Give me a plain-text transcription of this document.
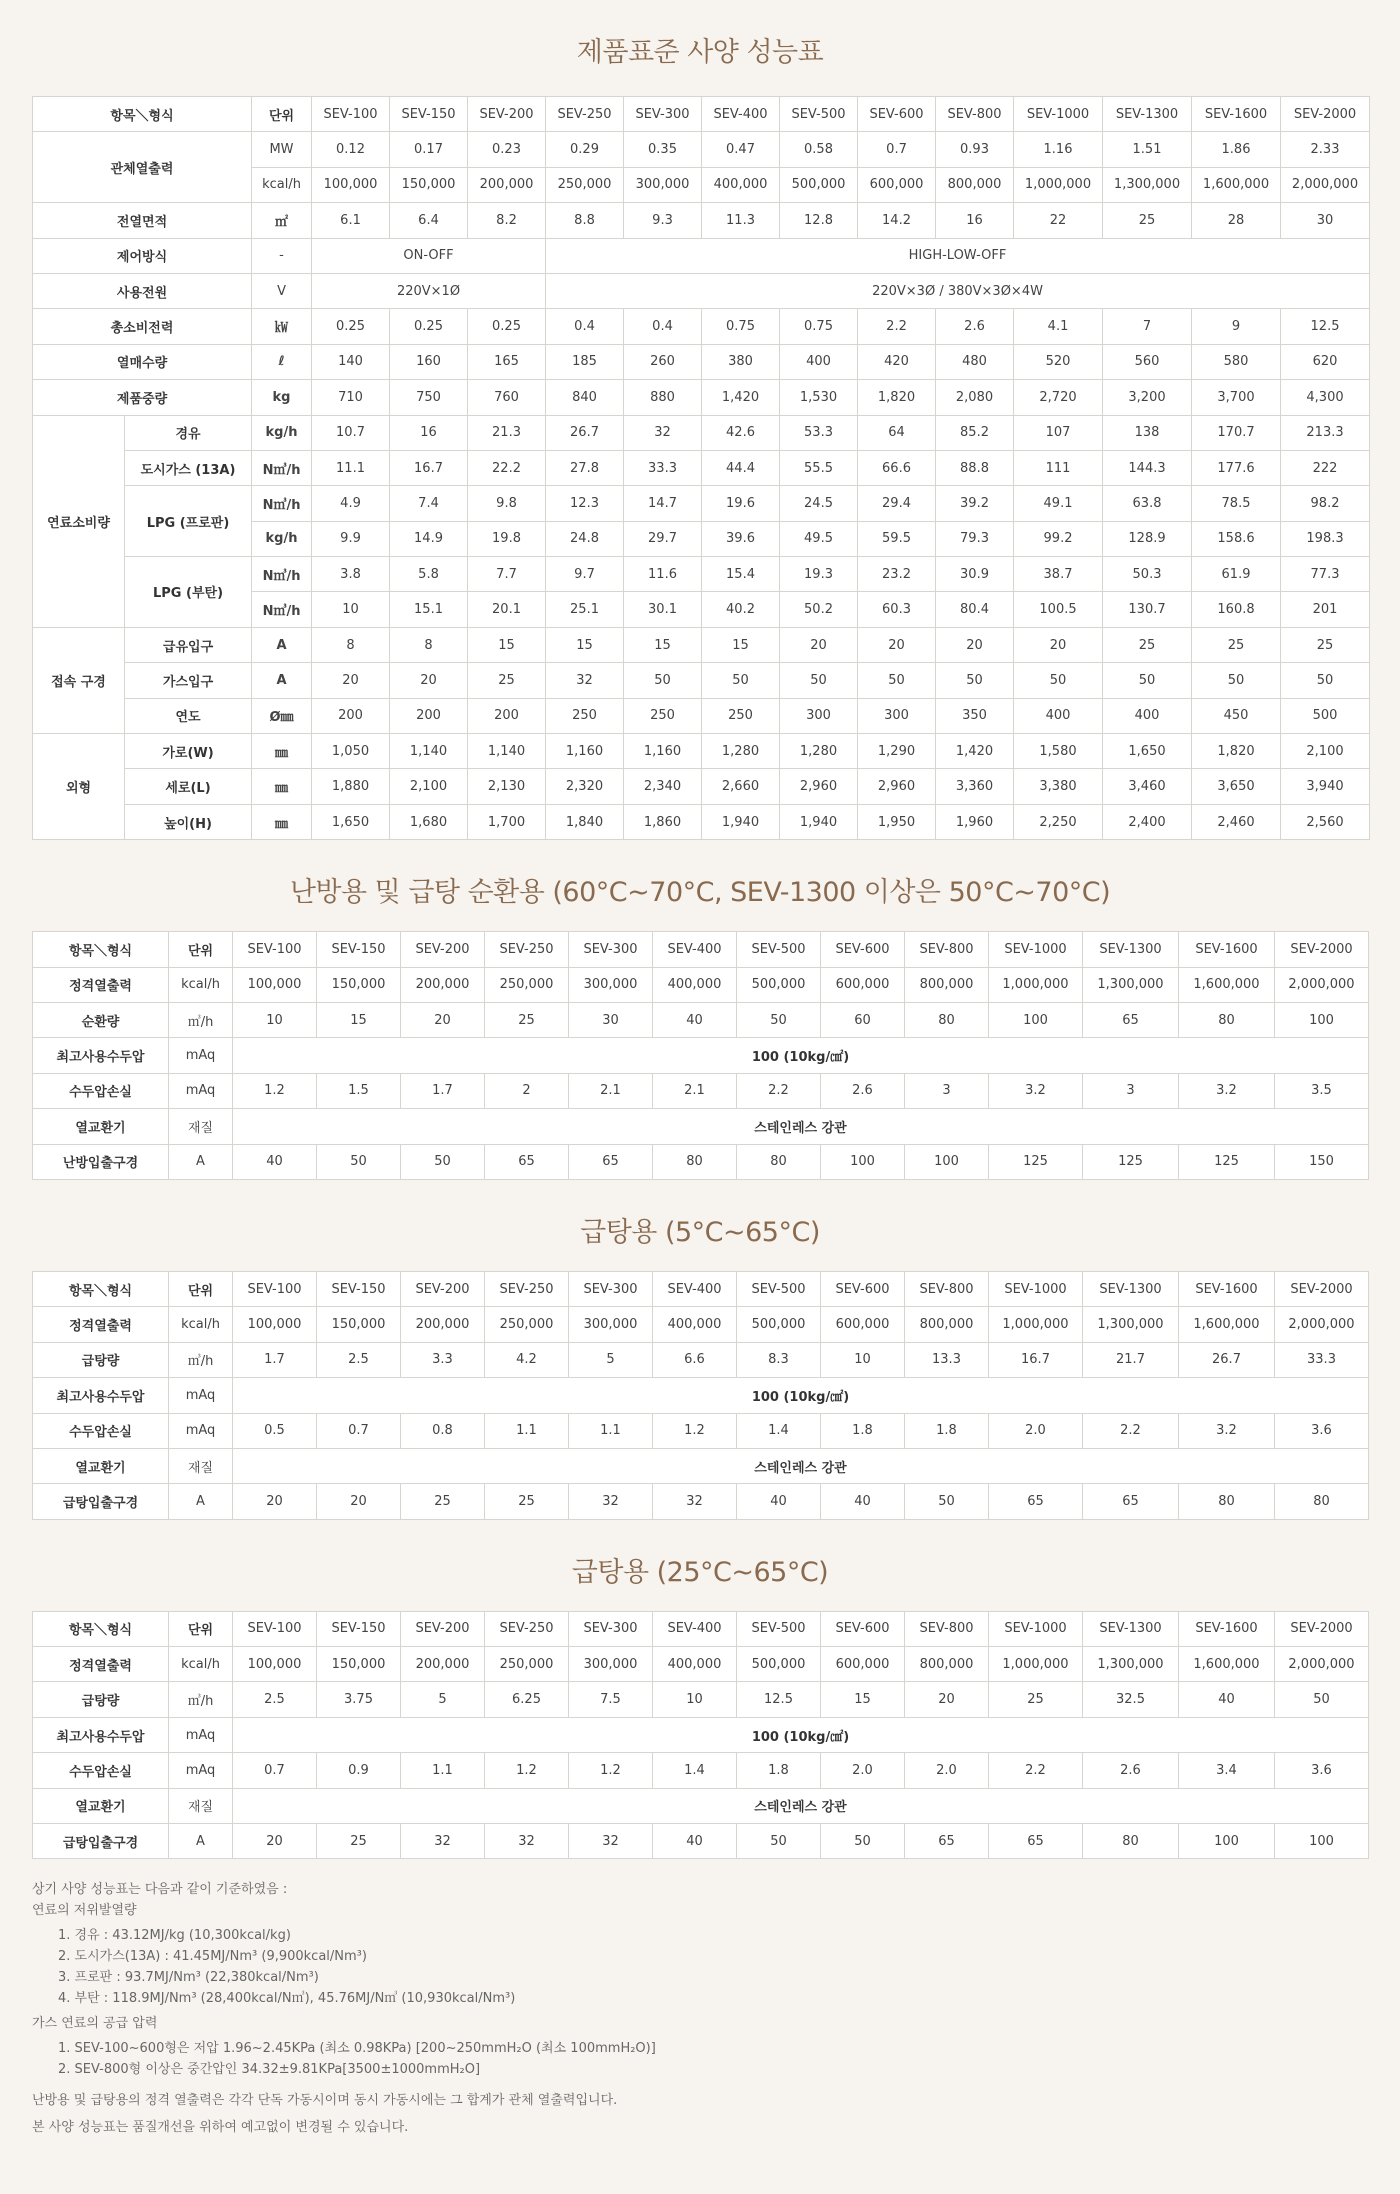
제품표준 사양 성능표
항목＼형식		단위	SEV-100	SEV-150	SEV-200	SEV-250	SEV-300	SEV-400	SEV-500	SEV-600	SEV-800	SEV-1000	SEV-1300	SEV-1600	SEV-2000
관체열출력		MW	0.12	0.17	0.23	0.29	0.35	0.47	0.58	0.7	0.93	1.16	1.51	1.86	2.33
		kcal/h	100,000	150,000	200,000	250,000	300,000	400,000	500,000	600,000	800,000	1,000,000	1,300,000	1,600,000	2,000,000
전열면적		㎡	6.1	6.4	8.2	8.8	9.3	11.3	12.8	14.2	16	22	25	28	30
제어방식		-	ON-OFF			HIGH-LOW-OFF									
사용전원		V	220V×1Ø			220V×3Ø / 380V×3Ø×4W									
총소비전력		㎾	0.25	0.25	0.25	0.4	0.4	0.75	0.75	2.2	2.6	4.1	7	9	12.5
열매수량		ℓ	140	160	165	185	260	380	400	420	480	520	560	580	620
제품중량		kg	710	750	760	840	880	1,420	1,530	1,820	2,080	2,720	3,200	3,700	4,300
연료소비량	경유	kg/h	10.7	16	21.3	26.7	32	42.6	53.3	64	85.2	107	138	170.7	213.3
	도시가스 (13A)	N㎥/h	11.1	16.7	22.2	27.8	33.3	44.4	55.5	66.6	88.8	111	144.3	177.6	222
	LPG (프로판)	N㎥/h	4.9	7.4	9.8	12.3	14.7	19.6	24.5	29.4	39.2	49.1	63.8	78.5	98.2
		kg/h	9.9	14.9	19.8	24.8	29.7	39.6	49.5	59.5	79.3	99.2	128.9	158.6	198.3
	LPG (부탄)	N㎥/h	3.8	5.8	7.7	9.7	11.6	15.4	19.3	23.2	30.9	38.7	50.3	61.9	77.3
		N㎥/h	10	15.1	20.1	25.1	30.1	40.2	50.2	60.3	80.4	100.5	130.7	160.8	201
접속 구경	급유입구	A	8	8	15	15	15	15	20	20	20	20	25	25	25
	가스입구	A	20	20	25	32	50	50	50	50	50	50	50	50	50
	연도	Ø㎜	200	200	200	250	250	250	300	300	350	400	400	450	500
외형	가로(W)	㎜	1,050	1,140	1,140	1,160	1,160	1,280	1,280	1,290	1,420	1,580	1,650	1,820	2,100
	세로(L)	㎜	1,880	2,100	2,130	2,320	2,340	2,660	2,960	2,960	3,360	3,380	3,460	3,650	3,940
	높이(H)	㎜	1,650	1,680	1,700	1,840	1,860	1,940	1,940	1,950	1,960	2,250	2,400	2,460	2,560
난방용 및 급탕 순환용 (60°C~70°C, SEV-1300 이상은 50°C~70°C)
항목＼형식	단위	SEV-100	SEV-150	SEV-200	SEV-250	SEV-300	SEV-400	SEV-500	SEV-600	SEV-800	SEV-1000	SEV-1300	SEV-1600	SEV-2000
정격열출력	kcal/h	100,000	150,000	200,000	250,000	300,000	400,000	500,000	600,000	800,000	1,000,000	1,300,000	1,600,000	2,000,000
순환량	㎥/h	10	15	20	25	30	40	50	60	80	100	65	80	100
최고사용수두압	mAq	100 (10kg/㎠)												
수두압손실	mAq	1.2	1.5	1.7	2	2.1	2.1	2.2	2.6	3	3.2	3	3.2	3.5
열교환기	재질	스테인레스 강관												
난방입출구경	A	40	50	50	65	65	80	80	100	100	125	125	125	150
급탕용 (5°C~65°C)
항목＼형식	단위	SEV-100	SEV-150	SEV-200	SEV-250	SEV-300	SEV-400	SEV-500	SEV-600	SEV-800	SEV-1000	SEV-1300	SEV-1600	SEV-2000
정격열출력	kcal/h	100,000	150,000	200,000	250,000	300,000	400,000	500,000	600,000	800,000	1,000,000	1,300,000	1,600,000	2,000,000
급탕량	㎥/h	1.7	2.5	3.3	4.2	5	6.6	8.3	10	13.3	16.7	21.7	26.7	33.3
최고사용수두압	mAq	100 (10kg/㎠)												
수두압손실	mAq	0.5	0.7	0.8	1.1	1.1	1.2	1.4	1.8	1.8	2.0	2.2	3.2	3.6
열교환기	재질	스테인레스 강관												
급탕입출구경	A	20	20	25	25	32	32	40	40	50	65	65	80	80
급탕용 (25°C~65°C)
항목＼형식	단위	SEV-100	SEV-150	SEV-200	SEV-250	SEV-300	SEV-400	SEV-500	SEV-600	SEV-800	SEV-1000	SEV-1300	SEV-1600	SEV-2000
정격열출력	kcal/h	100,000	150,000	200,000	250,000	300,000	400,000	500,000	600,000	800,000	1,000,000	1,300,000	1,600,000	2,000,000
급탕량	㎥/h	2.5	3.75	5	6.25	7.5	10	12.5	15	20	25	32.5	40	50
최고사용수두압	mAq	100 (10kg/㎠)												
수두압손실	mAq	0.7	0.9	1.1	1.2	1.2	1.4	1.8	2.0	2.0	2.2	2.6	3.4	3.6
열교환기	재질	스테인레스 강관												
급탕입출구경	A	20	25	32	32	32	40	50	50	65	65	80	100	100

상기 사양 성능표는 다음과 같이 기준하였음 :

연료의 저위발열량

1. 경유 : 43.12MJ/kg (10,300kcal/kg)
2. 도시가스(13A) : 41.45MJ/Nm³ (9,900kcal/Nm³)
3. 프로판 : 93.7MJ/Nm³ (22,380kcal/Nm³)
4. 부탄 : 118.9MJ/Nm³ (28,400kcal/N㎥), 45.76MJ/N㎥ (10,930kcal/Nm³)

가스 연료의 공급 압력

1. SEV-100~600형은 저압 1.96~2.45KPa (최소 0.98KPa) [200~250mmH₂O (최소 100mmH₂O)]
2. SEV-800형 이상은 중간압인 34.32±9.81KPa[3500±1000mmH₂O]

난방용 및 급탕용의 정격 열출력은 각각 단독 가동시이며 동시 가동시에는 그 합계가 관체 열출력입니다.

본 사양 성능표는 품질개선을 위하여 예고없이 변경될 수 있습니다.
